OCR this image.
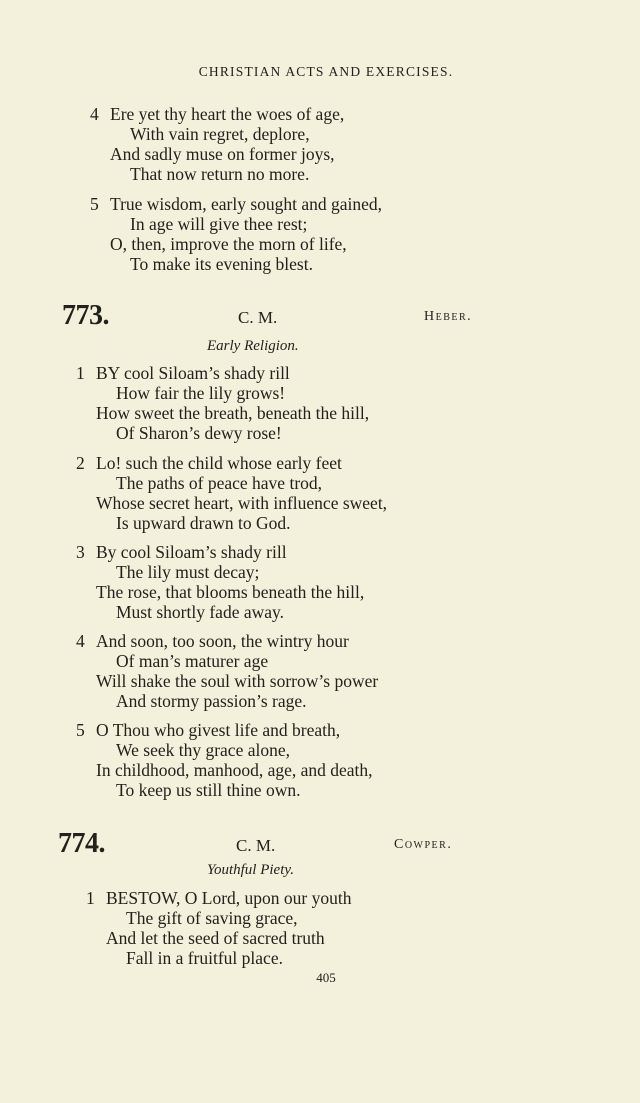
CHRISTIAN ACTS AND EXERCISES.
4 Ere yet thy heart the woes of age,
With vain regret, deplore,
And sadly muse on former joys,
That now return no more.
5 True wisdom, early sought and gained,
In age will give thee rest;
O, then, improve the morn of life,
To make its evening blest.
773.	C. M.	Heber.
Early Religion.
1 BY cool Siloam’s shady rill
How fair the lily grows!
How sweet the breath, beneath the hill,
Of Sharon’s dewy rose!
2 Lo! such the child whose early feet
The paths of peace have trod,
Whose secret heart, with influence sweet,
Is upward drawn to God.
3 By cool Siloam’s shady rill
The lily must decay;
The rose, that blooms beneath the hill,
Must shortly fade away.
4 And soon, too soon, the wintry hour
Of man’s maturer age
Will shake the soul with sorrow’s power
And stormy passion’s rage.
5 O Thou who givest life and breath,
We seek thy grace alone,
In childhood, manhood, age, and death,
To keep us still thine own.
774.	C. M.	Cowper.
Youthful Piety.
1 BESTOW, O Lord, upon our youth
The gift of saving grace,
And let the seed of sacred truth
Fall in a fruitful place.
405
